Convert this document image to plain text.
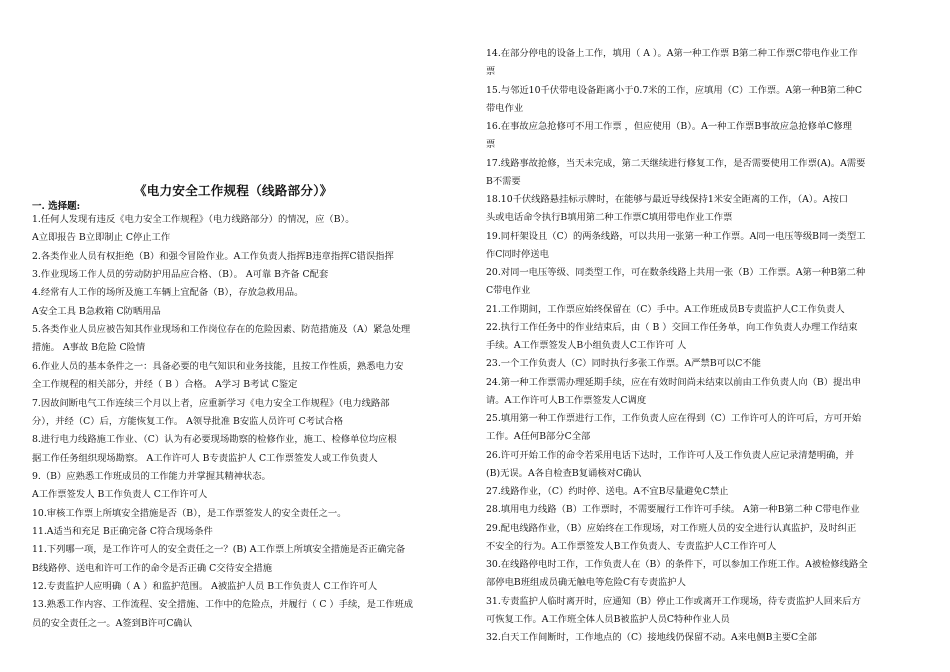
《电力安全工作规程（线路部分）》
一. 选择题:
1.任何人发现有违反《电力安全工作规程》（电力线路部分）的情况，应（B）。
A立即报告 B立即制止 C停止工作
2.各类作业人员有权拒绝（B）和强令冒险作业。A工作负责人指挥B违章指挥C错误指挥
3.作业现场工作人员的劳动防护用品应合格、（B）。 A可靠 B齐备 C配套
4.经常有人工作的场所及施工车辆上宜配备（B），存放急救用品。
A安全工具 B急救箱 C防晒用品
5.各类作业人员应被告知其作业现场和工作岗位存在的危险因素、防范措施及（A）紧急处理
措施。 A事故 B危险 C险情
6.作业人员的基本条件之一：具备必要的电气知识和业务技能，且按工作性质，熟悉电力安
全工作规程的相关部分，并经（ B ）合格。 A学习 B考试 C鉴定
7.因故间断电气工作连续三个月以上者，应重新学习《电力安全工作规程》（电力线路部
分），并经（C）后，方能恢复工作。 A领导批准 B安监人员许可 C考试合格
8.进行电力线路施工作业、（C）认为有必要现场勘察的检修作业，施工、检修单位均应根
据工作任务组织现场勘察。 A工作许可人 B专责监护人 C工作票签发人或工作负责人
9.（B）应熟悉工作班成员的工作能力并掌握其精神状态。
A工作票签发人 B工作负责人 C工作许可人
10.审核工作票上所填安全措施是否（B），是工作票签发人的安全责任之一。
11.A适当和充足 B正确完备 C符合现场条件
11.下列哪一项，是工作许可人的安全责任之一？(B) A工作票上所填安全措施是否正确完备
B线路停、送电和许可工作的命令是否正确 C交待安全措施
12.专责监护人应明确（ A ）和监护范围。 A被监护人员 B工作负责人 C工作许可人
13.熟悉工作内容、工作流程、安全措施、工作中的危险点，并履行（ C ）手续，是工作班成
员的安全责任之一。A签到B许可C确认
14.在部分停电的设备上工作，填用（ A ）。A第一种工作票 B第二种工作票C带电作业工作
票
15.与邻近10千伏带电设备距离小于0.7米的工作，应填用（C）工作票。A第一种B第二种C
带电作业
16.在事故应急抢修可不用工作票 ，但应使用（B）。A一种工作票B事故应急抢修单C修理
票
17.线路事故抢修，当天未完成，第二天继续进行修复工作，是否需要使用工作票(A)。A需要
B不需要
18.10千伏线路悬挂标示牌时，在能够与最近导线保持1米安全距离的工作，（A）。A按口
头或电话命令执行B填用第二种工作票C填用带电作业工作票
19.同杆架设且（C）的两条线路，可以共用一张第一种工作票。A同一电压等级B同一类型工
作C同时停送电
20.对同一电压等级、同类型工作，可在数条线路上共用一张（B）工作票。A第一种B第二种
C带电作业
21.工作期间，工作票应始终保留在（C）手中。A工作班成员B专责监护人C工作负责人
22.执行工作任务中的作业结束后，由（ B ）交回工作任务单，向工作负责人办理工作结束
手续。A工作票签发人B小组负责人C工作许可 人
23.一个工作负责人（C）同时执行多张工作票。A严禁B可以C不能
24.第一种工作票需办理延期手续，应在有效时间尚未结束以前由工作负责人向（B）提出申
请。A工作许可人B工作票签发人C调度
25.填用第一种工作票进行工作，工作负责人应在得到（C）工作许可人的许可后，方可开始
工作。A任何B部分C全部
26.许可开始工作的命令若采用电话下达时，工作许可人及工作负责人应记录清楚明确，并
(B)无误。A各自检查B复诵核对C确认
27.线路作业，（C）约时停、送电。A不宜B尽量避免C禁止
28.填用电力线路（B）工作票时，不需要履行工作许可手续。 A第一种B第二种 C带电作业
29.配电线路作业，（B）应始终在工作现场，对工作班人员的安全进行认真监护，及时纠正
不安全的行为。A工作票签发人B工作负责人、专责监护人C工作许可人
30.在线路停电时工作，工作负责人在（B）的条件下，可以参加工作班工作。A被检修线路全
部停电B班组成员确无触电等危险C有专责监护人
31.专责监护人临时离开时，应通知（B）停止工作或离开工作现场，待专责监护人回来后方
可恢复工作。A工作班全体人员B被监护人员C特种作业人员
32.白天工作间断时，工作地点的（C）接地线仍保留不动。A来电侧B主要C全部
